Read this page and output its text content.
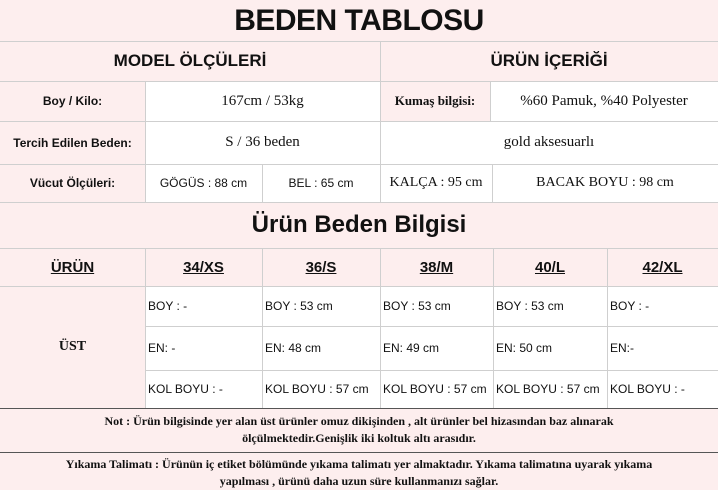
BEDEN TABLOSU
MODEL ÖLÇÜLERİ	ÜRÜN İÇERİĞİ
Boy / Kilo:	167cm / 53kg	Kumaş bilgisi:	%60 Pamuk, %40 Polyester
Tercih Edilen Beden:	S / 36 beden	gold aksesuarlı
Vücut Ölçüleri:	GÖGÜS : 88 cm	BEL : 65 cm	KALÇA : 95 cm	BACAK BOYU : 98 cm
Ürün Beden Bilgisi
ÜRÜN	34/XS	36/S	38/M	40/L	42/XL
ÜST
BOY : -	BOY : 53 cm	BOY : 53 cm	BOY : 53 cm	BOY : -
EN: -	EN: 48 cm	EN: 49 cm	EN: 50 cm	EN:-
KOL BOYU : -	KOL BOYU : 57 cm	KOL BOYU : 57 cm KOL BOYU : 57 cm KOL BOYU : -
Not : Ürün bilgisinde yer alan üst ürünler omuz dikişinden , alt ürünler bel hizasından baz alınarak
ölçülmektedir.Genişlik iki koltuk altı arasıdır.
Yıkama Talimatı : Ürünün iç etiket bölümünde yıkama talimatı yer almaktadır. Yıkama talimatına uyarak yıkama
yapılması , ürünü daha uzun süre kullanmanızı sağlar.
